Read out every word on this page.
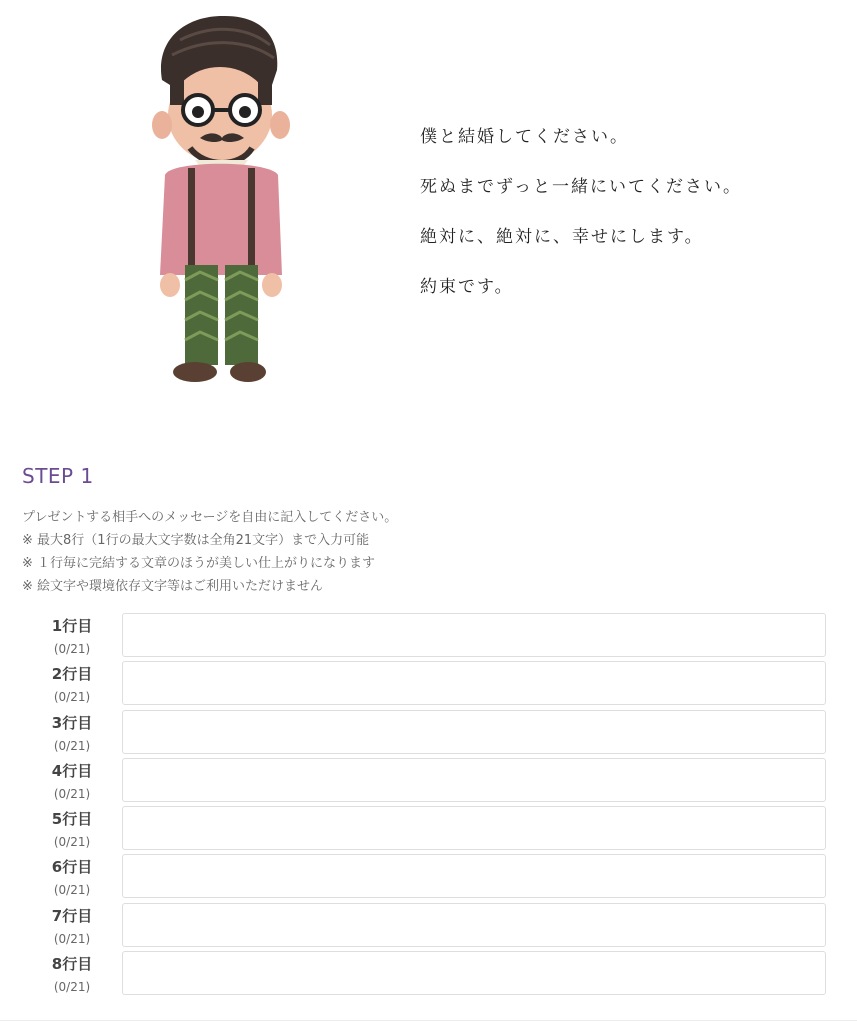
僕と結婚してください。
死ぬまでずっと一緒にいてください。
絶対に、絶対に、幸せにします。
約束です。
STEP 1
プレゼントする相手へのメッセージを自由に記入してください。
※ 最大8行（1行の最大文字数は全角21文字）まで入力可能
※ １行毎に完結する文章のほうが美しい仕上がりになります
※ 絵文字や環境依存文字等はご利用いただけません
1行目
(0/21)
2行目
(0/21)
3行目
(0/21)
4行目
(0/21)
5行目
(0/21)
6行目
(0/21)
7行目
(0/21)
8行目
(0/21)
